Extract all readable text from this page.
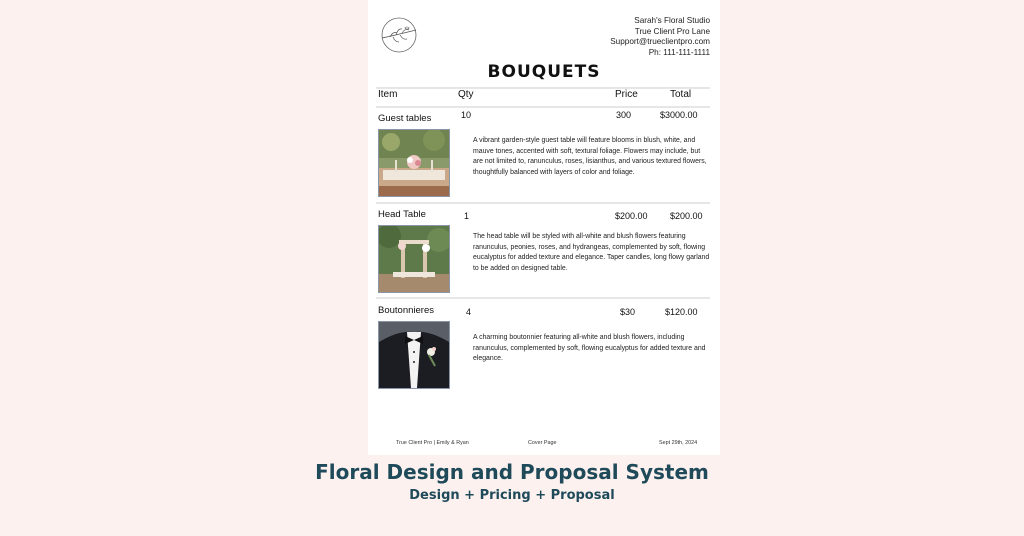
Sarah's Floral Studio
True Client Pro Lane
Support@trueclientpro.com
Ph: 111-111-1111
BOUQUETS
Item	Qty	Price	Total
Guest tables	10	300	$3000.00
A vibrant garden-style guest table will feature blooms in blush, white, and mauve tones, accented with soft, textural foliage. Flowers may include, but are not limited to, ranunculus, roses, lisianthus, and various textured flowers, thoughtfully balanced with layers of color and foliage.
Head Table	1	$200.00 $200.00
The head table will be styled with all-white and blush flowers featuring ranunculus, peonies, roses, and hydrangeas, complemented by soft, flowing eucalyptus for added texture and elegance. Taper candles, long flowy garland to be added on designed table.
Boutonnieres	4	$30	$120.00
A charming boutonnier featuring all-white and blush flowers, including ranunculus, complemented by soft, flowing eucalyptus for added texture and elegance.
True Client Pro | Emily & Ryan	Cover Page	Sept 29th, 2024
Floral Design and Proposal System
Design + Pricing + Proposal
